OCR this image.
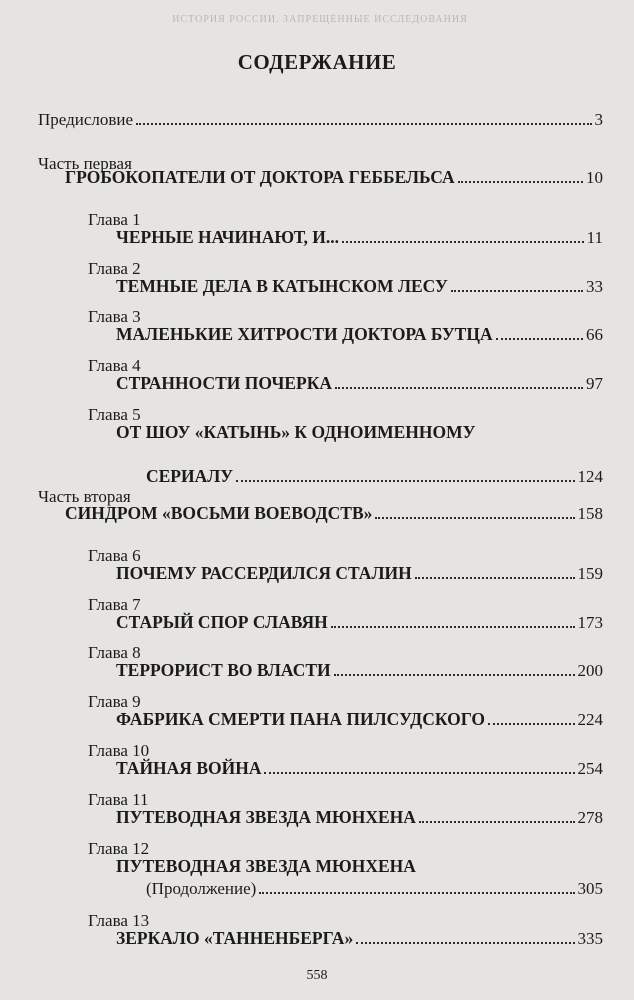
ИСТОРИЯ РОССИИ. ЗАПРЕЩЁННЫЕ ИССЛЕДОВАНИЯ
СОДЕРЖАНИЕ
Предисловие	3
Часть первая
ГРОБОКОПАТЕЛИ ОТ ДОКТОРА ГЕББЕЛЬСА	10
Глава 1
ЧЕРНЫЕ НАЧИНАЮТ, И...	11
Глава 2
ТЕМНЫЕ ДЕЛА В КАТЫНСКОМ ЛЕСУ	33
Глава 3
МАЛЕНЬКИЕ ХИТРОСТИ ДОКТОРА БУТЦА	66
Глава 4
СТРАННОСТИ ПОЧЕРКА	97
Глава 5
ОТ ШОУ «КАТЫНЬ» К ОДНОИМЕННОМУ
СЕРИАЛУ	124
Часть вторая
СИНДРОМ «ВОСЬМИ ВОЕВОДСТВ»	158
Глава 6
ПОЧЕМУ РАССЕРДИЛСЯ СТАЛИН	159
Глава 7
СТАРЫЙ СПОР СЛАВЯН	173
Глава 8
ТЕРРОРИСТ ВО ВЛАСТИ	200
Глава 9
ФАБРИКА СМЕРТИ ПАНА ПИЛСУДСКОГО	224
Глава 10
ТАЙНАЯ ВОЙНА	254
Глава 11
ПУТЕВОДНАЯ ЗВЕЗДА МЮНХЕНА	278
Глава 12
ПУТЕВОДНАЯ ЗВЕЗДА МЮНХЕНА
(Продолжение)	305
Глава 13
ЗЕРКАЛО «ТАННЕНБЕРГА»	335
558
